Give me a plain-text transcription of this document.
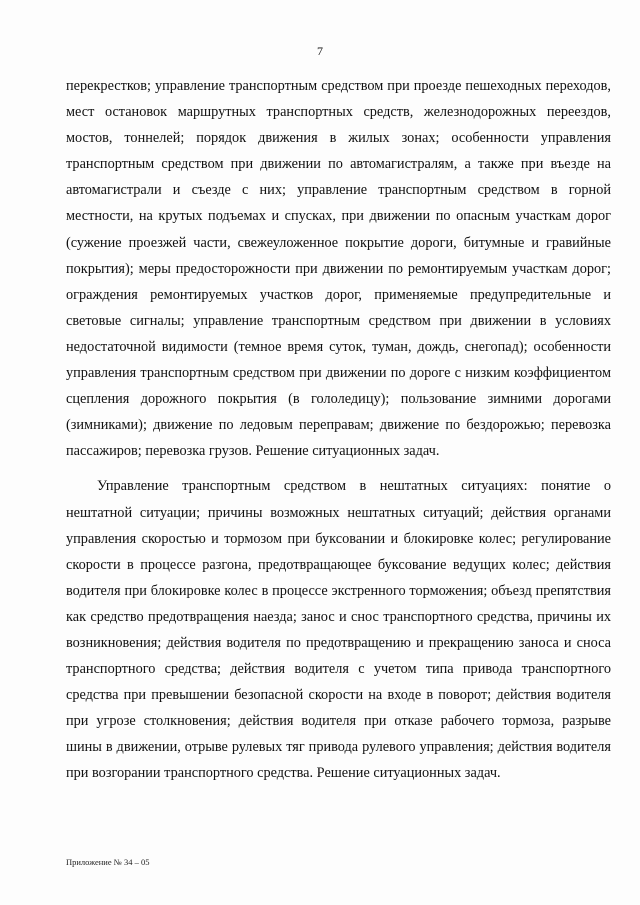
7

перекрестков; управление транспортным средством при проезде пешеходных переходов, мест остановок маршрутных транспортных средств, железнодорожных переездов, мостов, тоннелей; порядок движения в жилых зонах; особенности управления транспортным средством при движении по автомагистралям, а также при въезде на автомагистрали и съезде с них; управление транспортным средством в горной местности, на крутых подъемах и спусках, при движении по опасным участкам дорог (сужение проезжей части, свежеуложенное покрытие дороги, битумные и гравийные покрытия); меры предосторожности при движении по ремонтируемым участкам дорог; ограждения ремонтируемых участков дорог, применяемые предупредительные и световые сигналы; управление транспортным средством при движении в условиях недостаточной видимости (темное время суток, туман, дождь, снегопад); особенности управления транспортным средством при движении по дороге с низким коэффициентом сцепления дорожного покрытия (в гололедицу); пользование зимними дорогами (зимниками); движение по ледовым переправам; движение по бездорожью; перевозка пассажиров; перевозка грузов. Решение ситуационных задач.

Управление транспортным средством в нештатных ситуациях: понятие о нештатной ситуации; причины возможных нештатных ситуаций; действия органами управления скоростью и тормозом при буксовании и блокировке колес; регулирование скорости в процессе разгона, предотвращающее буксование ведущих колес; действия водителя при блокировке колес в процессе экстренного торможения; объезд препятствия как средство предотвращения наезда; занос и снос транспортного средства, причины их возникновения; действия водителя по предотвращению и прекращению заноса и сноса транспортного средства; действия водителя с учетом типа привода транспортного средства при превышении безопасной скорости на входе в поворот; действия водителя при угрозе столкновения; действия водителя при отказе рабочего тормоза, разрыве шины в движении, отрыве рулевых тяг привода рулевого управления; действия водителя при возгорании транспортного средства. Решение ситуационных задач.

Приложение № 34 – 05
